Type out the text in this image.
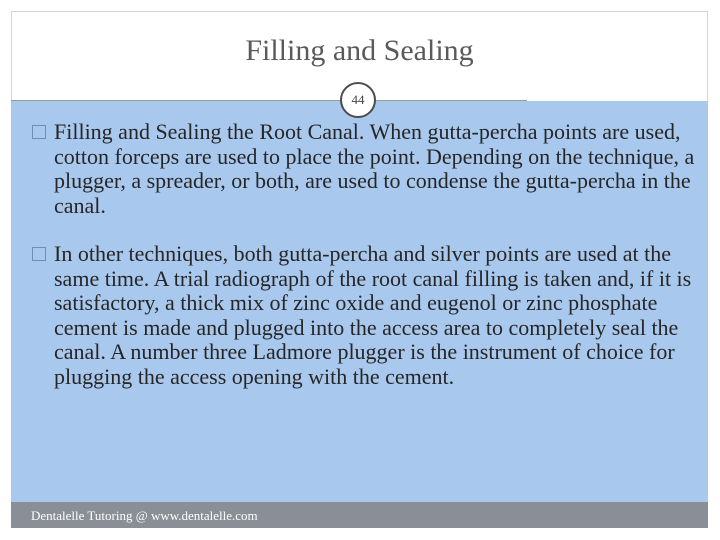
Filling and Sealing
44
Filling and Sealing the Root Canal. When gutta-percha points are used, cotton forceps are used to place the point. Depending on the technique, a plugger, a spreader, or both, are used to condense the gutta-percha in the canal.
In other techniques, both gutta-percha and silver points are used at the same time. A trial radiograph of the root canal filling is taken and, if it is satisfactory, a thick mix of zinc oxide and eugenol or zinc phosphate cement is made and plugged into the access area to completely seal the canal. A number three Ladmore plugger is the instrument of choice for plugging the access opening with the cement.
Dentalelle Tutoring @ www.dentalelle.com
